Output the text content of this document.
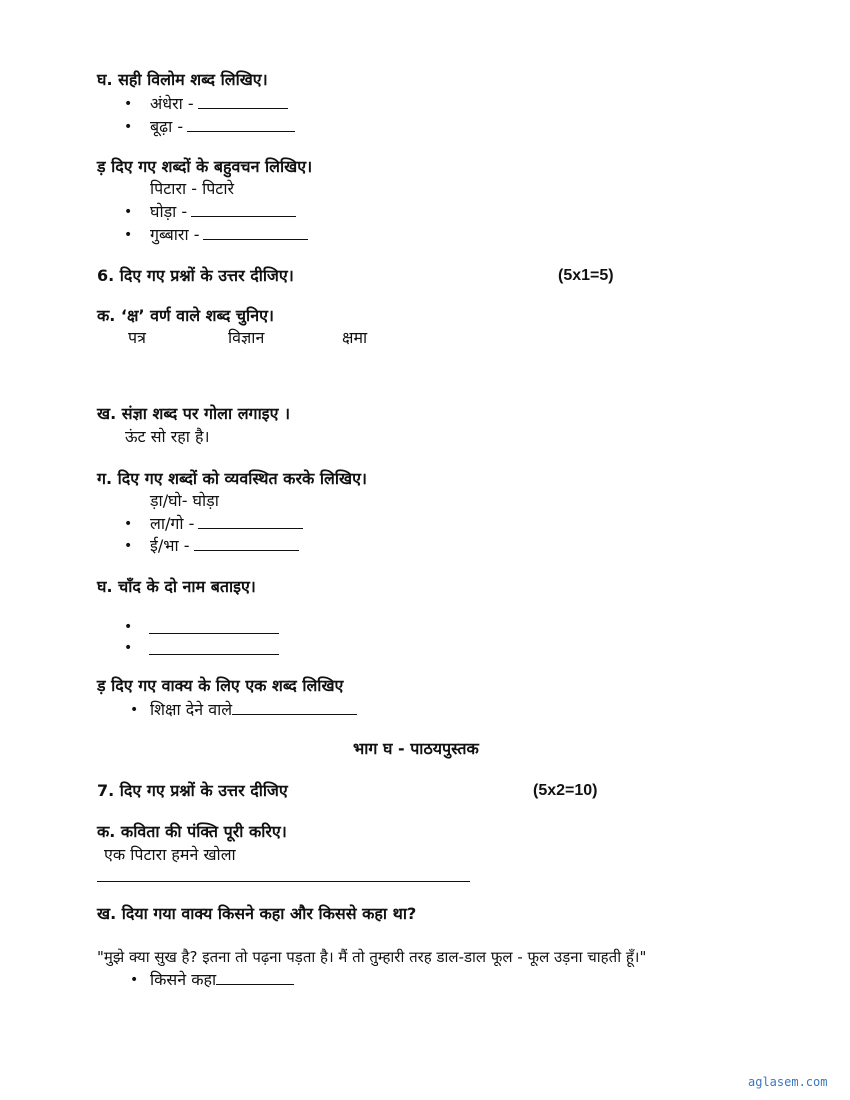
घ. सही विलोम शब्द लिखिए।
• अंधेरा -
• बूढ़ा -
ड़ दिए गए शब्दों के बहुवचन लिखिए।
पिटारा - पिटारे
• घोड़ा -
• गुब्बारा -
6. दिए गए प्रश्नों के उत्तर दीजिए।	(5x1=5)
क. ‘क्ष’ वर्ण वाले शब्द चुनिए।
पत्र	विज्ञान	क्षमा
ख. संज्ञा शब्द पर गोला लगाइए ।
ऊंट सो रहा है।
ग. दिए गए शब्दों को व्यवस्थित करके लिखिए।
ड़ा/घो- घोड़ा
• ला/गो -
• ई/भा -
घ. चाँद के दो नाम बताइए।
•
•
ड़ दिए गए वाक्य के लिए एक शब्द लिखिए
• शिक्षा देने वाले
भाग घ - पाठयपुस्तक
7. दिए गए प्रश्नों के उत्तर दीजिए	(5x2=10)
क. कविता की पंक्ति पूरी करिए।
एक पिटारा हमने खोला
ख. दिया गया वाक्य किसने कहा और किससे कहा था?
"मुझे क्या सुख है? इतना तो पढ़ना पड़ता है। मैं तो तुम्हारी तरह डाल-डाल फूल - फूल उड़ना चाहती हूँ।"
• किसने कहा
aglasem.com
